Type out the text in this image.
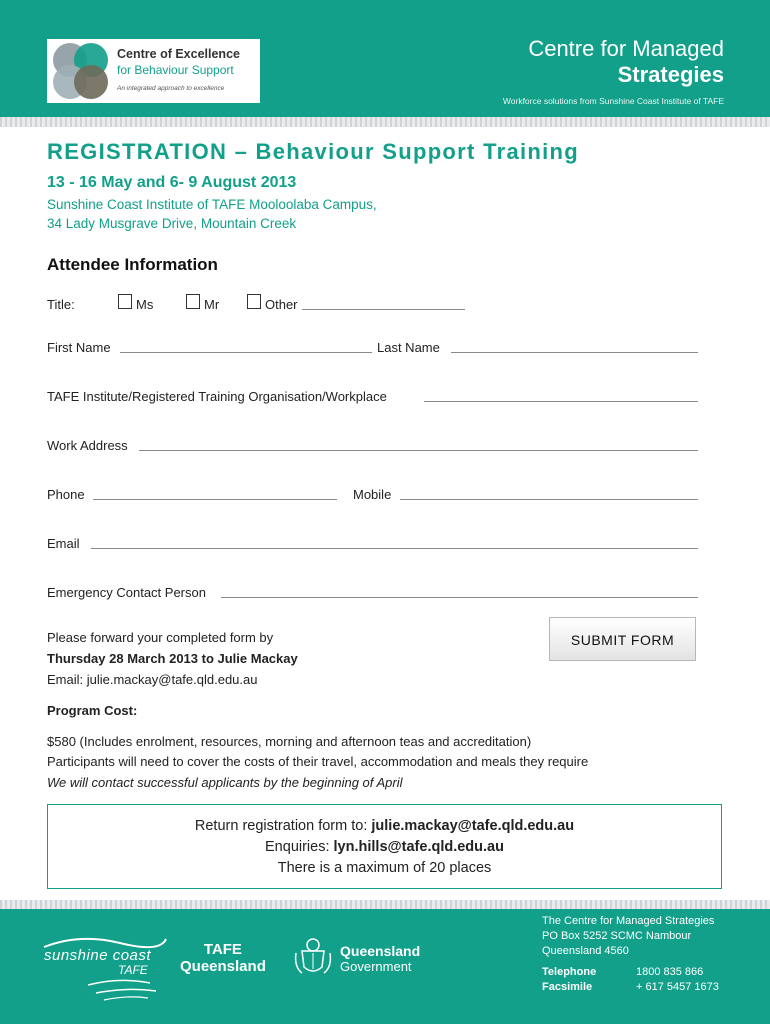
Centre of Excellence
for Behaviour Support
An integrated approach to excellence
Centre for Managed
Strategies
Workforce solutions from Sunshine Coast Institute of TAFE
REGISTRATION – Behaviour Support Training
13 - 16 May and 6- 9 August 2013
Sunshine Coast Institute of TAFE Mooloolaba Campus,
34 Lady Musgrave Drive, Mountain Creek
Attendee Information
Title:	Ms	Mr	Other
First Name	Last Name
TAFE Institute/Registered Training Organisation/Workplace
Work Address
Phone	Mobile
Email
Emergency Contact Person
Please forward your completed form by
Thursday 28 March 2013 to Julie Mackay
Email: julie.mackay@tafe.qld.edu.au
SUBMIT FORM
Program Cost:
$580 (Includes enrolment, resources, morning and afternoon teas and accreditation)
Participants will need to cover the costs of their travel, accommodation and meals they require
We will contact successful applicants by the beginning of April
Return registration form to: julie.mackay@tafe.qld.edu.au
Enquiries: lyn.hills@tafe.qld.edu.au
There is a maximum of 20 places
sunshine coast
TAFE
TAFE
Queensland
Queensland
Government
The Centre for Managed Strategies
PO Box 5252 SCMC Nambour
Queensland 4560
Telephone	1800 835 866
Facsimile	+ 617 5457 1673
